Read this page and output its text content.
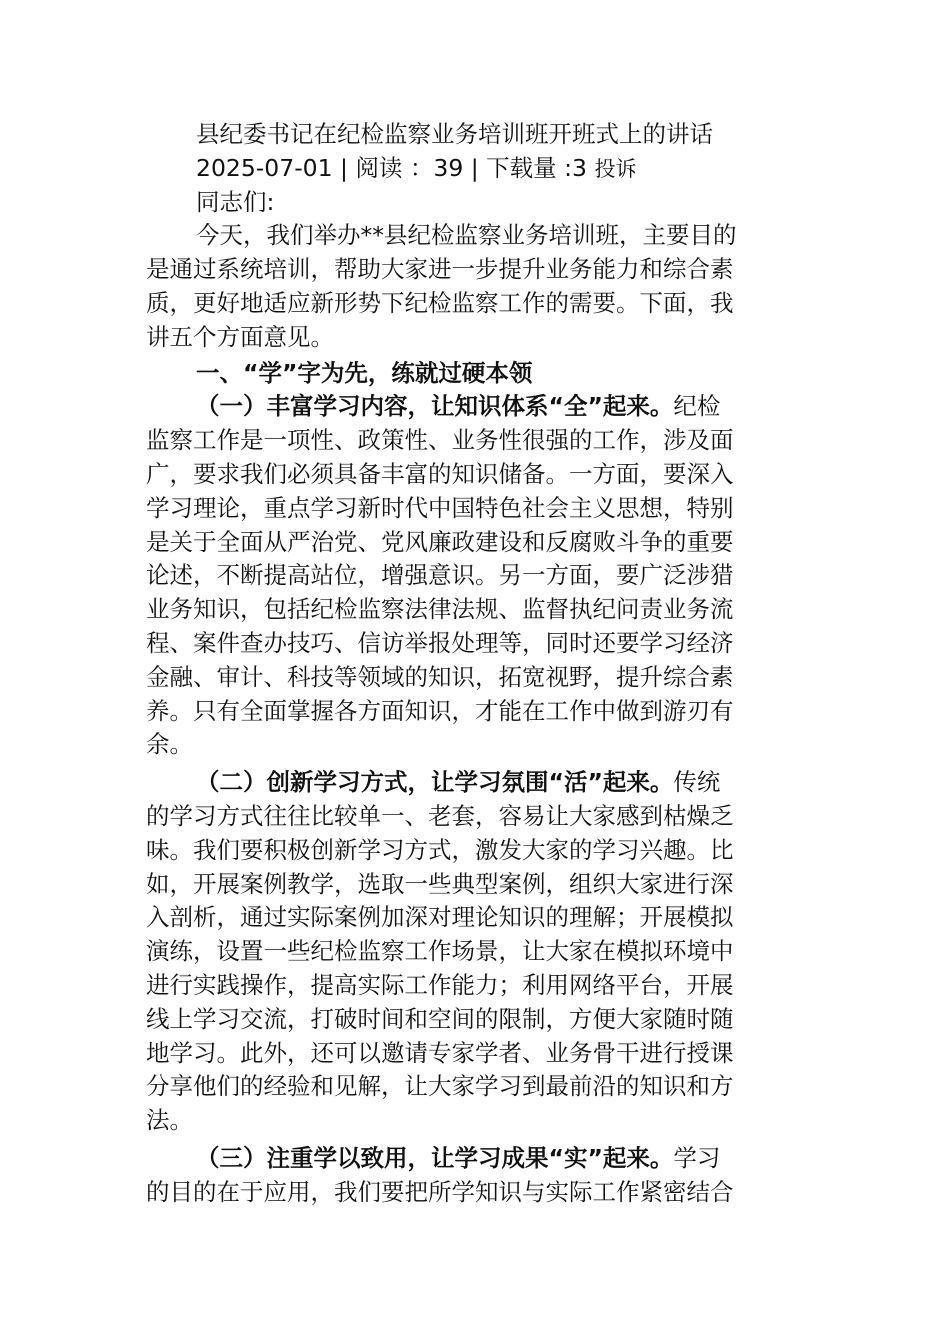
县纪委书记在纪检监察业务培训班开班式上的讲话
2025-07-01 | 阅读 ：39 | 下载量 :3 投诉
同志们:
今天，我们举办**县纪检监察业务培训班，主要目的
是通过系统培训，帮助大家进一步提升业务能力和综合素
质，更好地适应新形势下纪检监察工作的需要。下面，我
讲五个方面意见。
一、“学”字为先，练就过硬本领
（一）丰富学习内容，让知识体系“全”起来。纪检
监察工作是一项性、政策性、业务性很强的工作，涉及面
广，要求我们必须具备丰富的知识储备。一方面，要深入
学习理论，重点学习新时代中国特色社会主义思想，特别
是关于全面从严治党、党风廉政建设和反腐败斗争的重要
论述，不断提高站位，增强意识。另一方面，要广泛涉猎
业务知识，包括纪检监察法律法规、监督执纪问责业务流
程、案件查办技巧、信访举报处理等，同时还要学习经济
金融、审计、科技等领域的知识，拓宽视野，提升综合素
养。只有全面掌握各方面知识，才能在工作中做到游刃有
余。
（二）创新学习方式，让学习氛围“活”起来。传统
的学习方式往往比较单一、老套，容易让大家感到枯燥乏
味。我们要积极创新学习方式，激发大家的学习兴趣。比
如，开展案例教学，选取一些典型案例，组织大家进行深
入剖析，通过实际案例加深对理论知识的理解；开展模拟
演练，设置一些纪检监察工作场景，让大家在模拟环境中
进行实践操作，提高实际工作能力；利用网络平台，开展
线上学习交流，打破时间和空间的限制，方便大家随时随
地学习。此外，还可以邀请专家学者、业务骨干进行授课
分享他们的经验和见解，让大家学习到最前沿的知识和方
法。
（三）注重学以致用，让学习成果“实”起来。学习
的目的在于应用，我们要把所学知识与实际工作紧密结合
